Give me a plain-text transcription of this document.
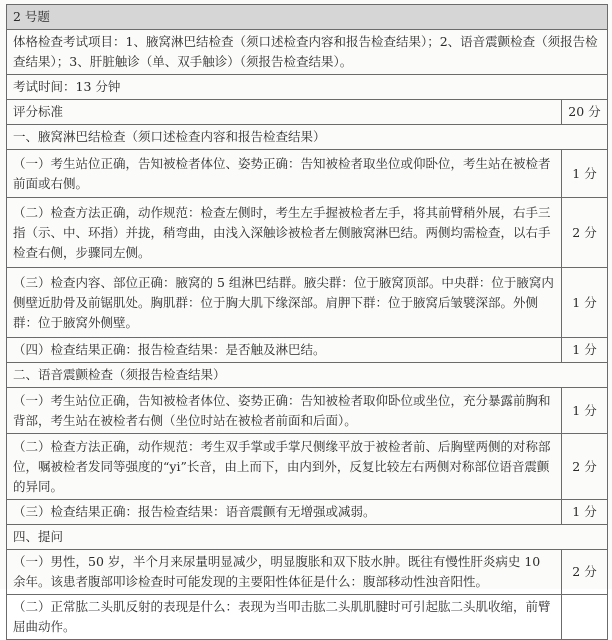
2 号题	
体格检查考试项目：1、腋窝淋巴结检查（须口述检查内容和报告检查结果）；2、语音震颤检查（须报告检查结果）；3、肝脏触诊（单、双手触诊）（须报告检查结果）。	
考试时间：13 分钟	
评分标准	20 分
一、腋窝淋巴结检查（须口述检查内容和报告检查结果）	
（一）考生站位正确，告知被检者体位、姿势正确：告知被检者取坐位或仰卧位，考生站在被检者前面或右侧。	1 分
（二）检查方法正确，动作规范：检查左侧时，考生左手握被检者左手，将其前臂稍外展，右手三指（示、中、环指）并拢，稍弯曲，由浅入深触诊被检者左侧腋窝淋巴结。两侧均需检查，以右手检查右侧，步骤同左侧。	2 分
（三）检查内容、部位正确：腋窝的 5 组淋巴结群。腋尖群：位于腋窝顶部。中央群：位于腋窝内侧壁近肋骨及前锯肌处。胸肌群：位于胸大肌下缘深部。肩胛下群：位于腋窝后皱襞深部。外侧群：位于腋窝外侧壁。	1 分
（四）检查结果正确：报告检查结果：是否触及淋巴结。	1 分
二、语音震颤检查（须报告检查结果）	
（一）考生站位正确，告知被检者体位、姿势正确：告知被检者取仰卧位或坐位，充分暴露前胸和背部，考生站在被检者右侧（坐位时站在被检者前面和后面）。	1 分
（二）检查方法正确，动作规范：考生双手掌或手掌尺侧缘平放于被检者前、后胸壁两侧的对称部位，嘱被检者发同等强度的“yi”长音，由上而下，由内到外，反复比较左右两侧对称部位语音震颤的异同。	2 分
（三）检查结果正确：报告检查结果：语音震颤有无增强或减弱。	1 分
四、提问	
（一）男性，50 岁，半个月来尿量明显减少，明显腹胀和双下肢水肿。既往有慢性肝炎病史 10 余年。该患者腹部叩诊检查时可能发现的主要阳性体征是什么：腹部移动性浊音阳性。	2 分
（二）正常肱二头肌反射的表现是什么：表现为当叩击肱二头肌肌腱时可引起肱二头肌收缩，前臂屈曲动作。	
